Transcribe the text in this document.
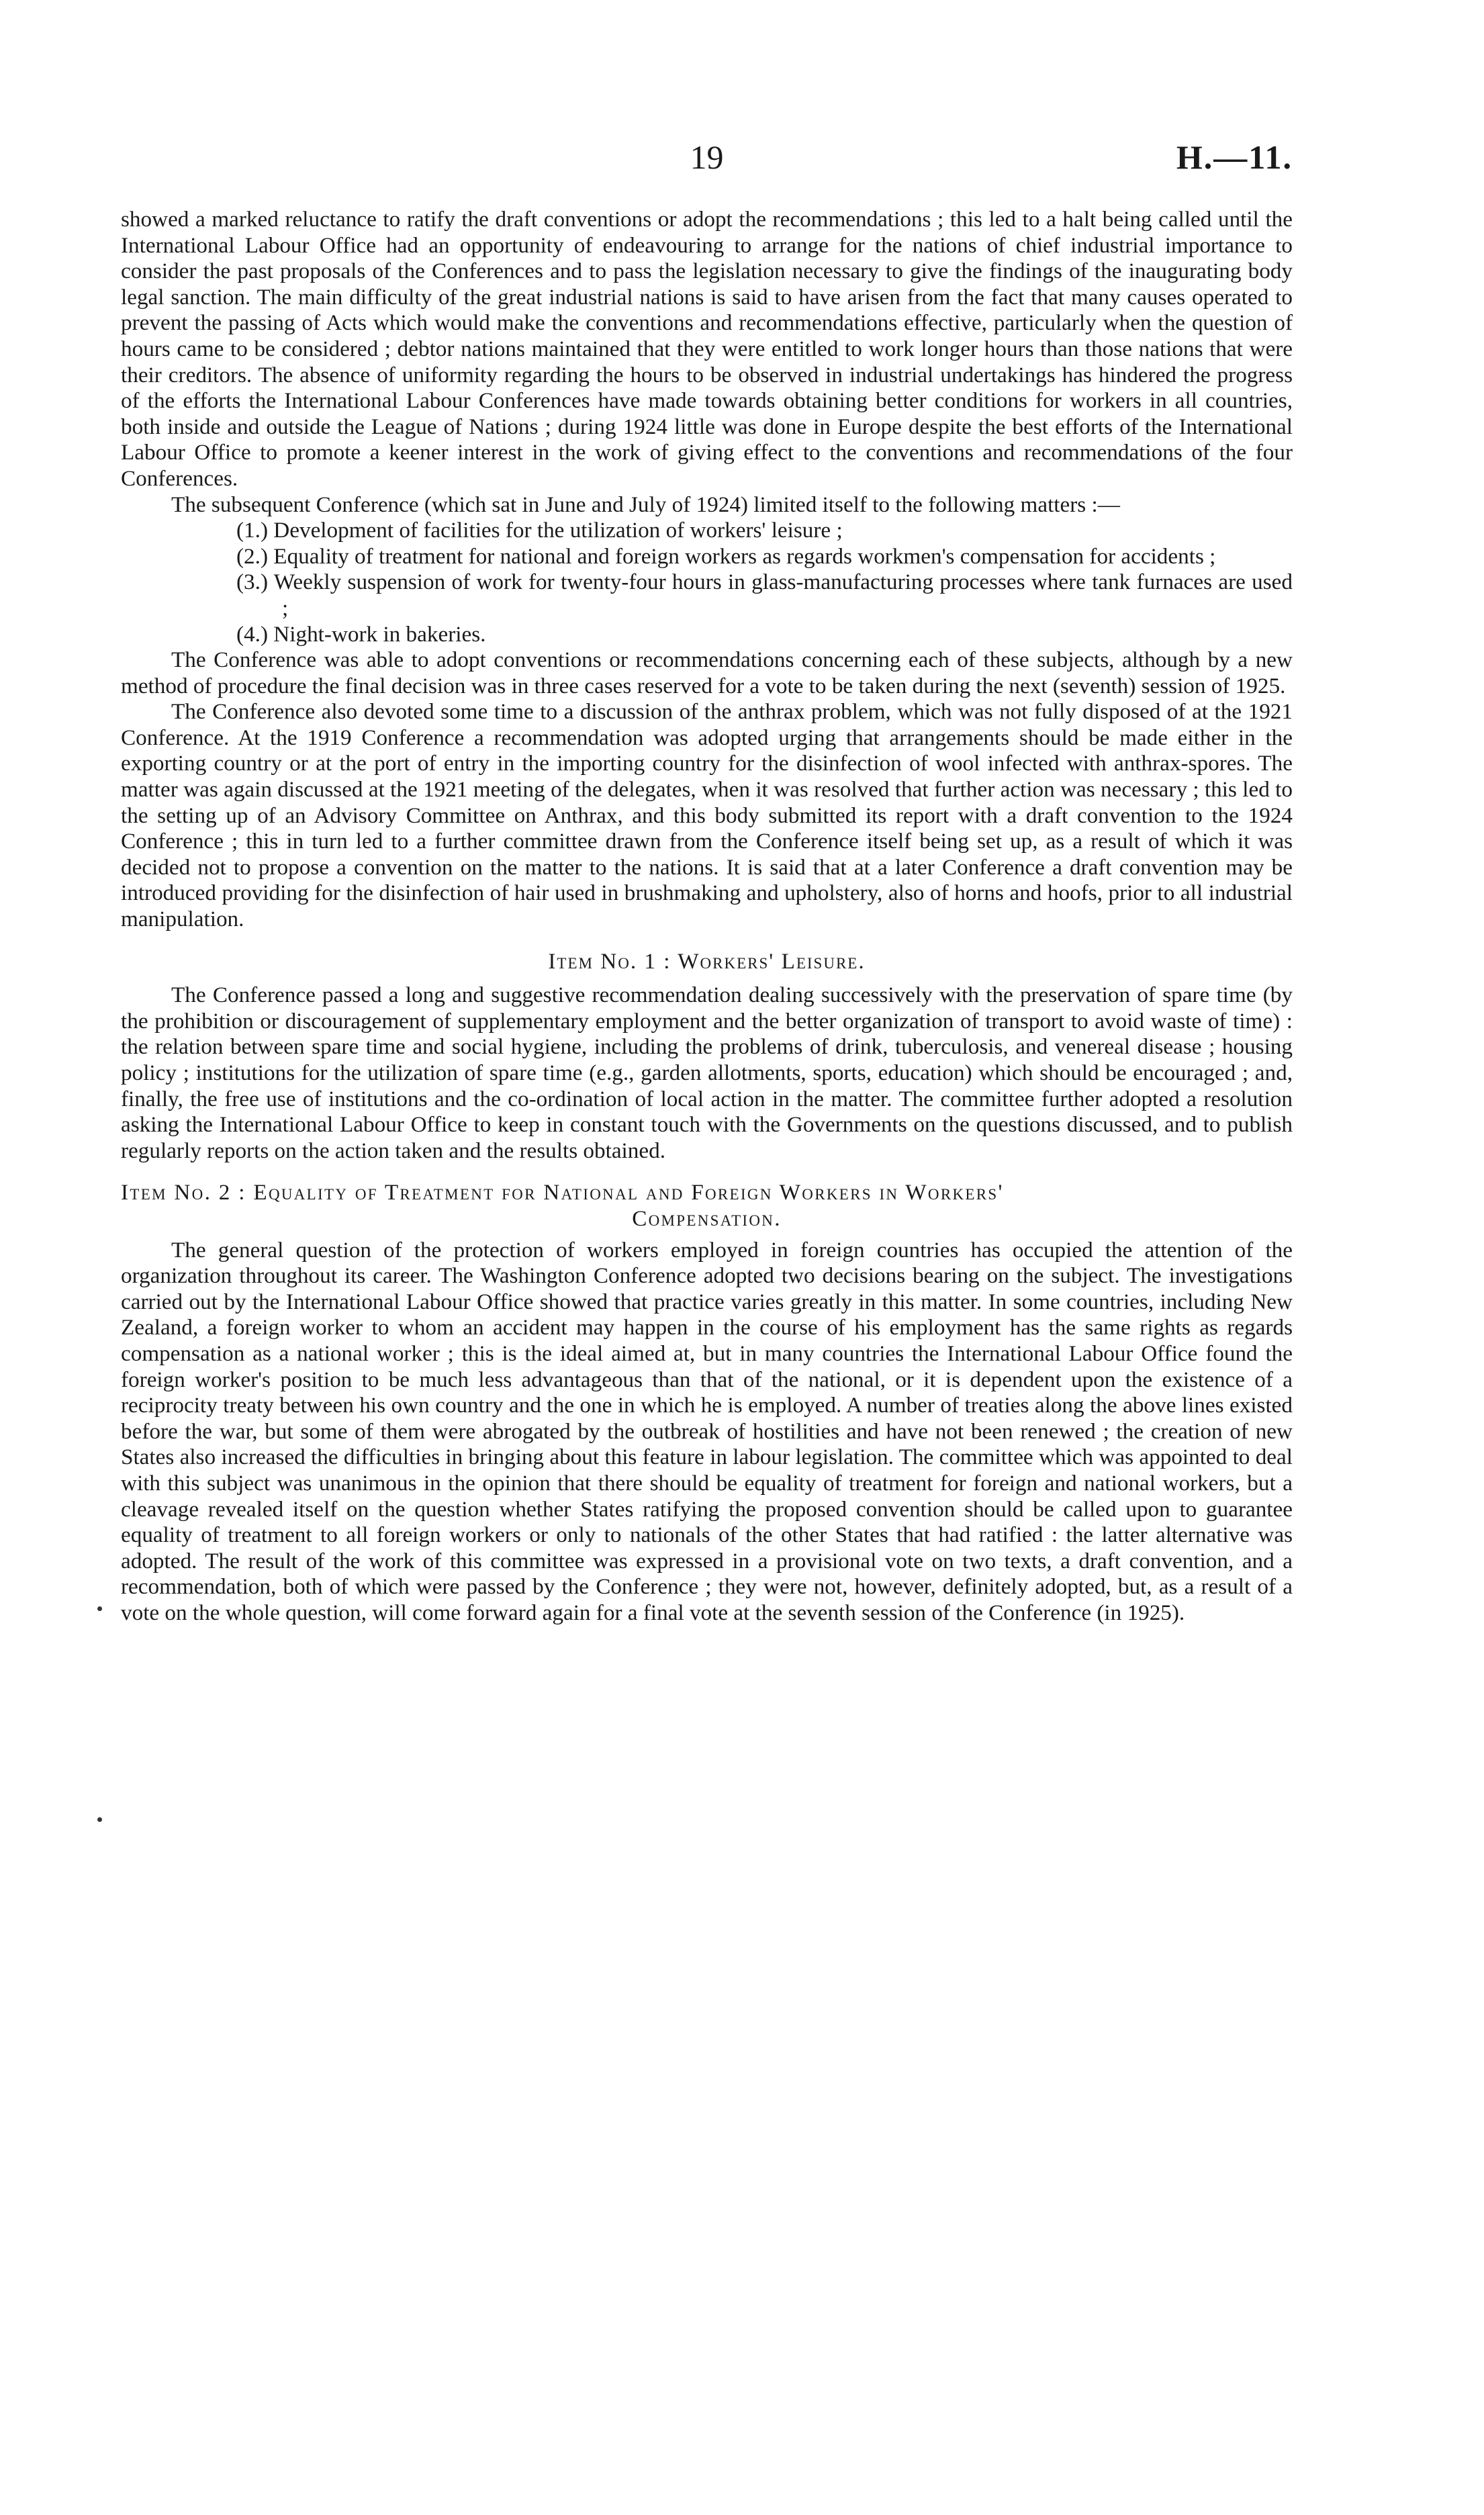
19	H.—11.

showed a marked reluctance to ratify the draft conventions or adopt the recommendations ; this led to a halt being called until the International Labour Office had an opportunity of endeavouring to arrange for the nations of chief industrial importance to consider the past proposals of the Conferences and to pass the legislation necessary to give the findings of the inaugurating body legal sanction. The main difficulty of the great industrial nations is said to have arisen from the fact that many causes operated to prevent the passing of Acts which would make the conventions and recommendations effective, particularly when the question of hours came to be considered ; debtor nations maintained that they were entitled to work longer hours than those nations that were their creditors. The absence of uniformity regarding the hours to be observed in industrial undertakings has hindered the progress of the efforts the International Labour Conferences have made towards obtaining better conditions for workers in all countries, both inside and outside the League of Nations ; during 1924 little was done in Europe despite the best efforts of the International Labour Office to promote a keener interest in the work of giving effect to the conventions and recommendations of the four Conferences.

The subsequent Conference (which sat in June and July of 1924) limited itself to the following matters :—

(1.) Development of facilities for the utilization of workers' leisure ;
(2.) Equality of treatment for national and foreign workers as regards workmen's compensation for accidents ;
(3.) Weekly suspension of work for twenty-four hours in glass-manufacturing processes where tank furnaces are used ;
(4.) Night-work in bakeries.

The Conference was able to adopt conventions or recommendations concerning each of these subjects, although by a new method of procedure the final decision was in three cases reserved for a vote to be taken during the next (seventh) session of 1925.

The Conference also devoted some time to a discussion of the anthrax problem, which was not fully disposed of at the 1921 Conference. At the 1919 Conference a recommendation was adopted urging that arrangements should be made either in the exporting country or at the port of entry in the importing country for the disinfection of wool infected with anthrax-spores. The matter was again discussed at the 1921 meeting of the delegates, when it was resolved that further action was necessary ; this led to the setting up of an Advisory Committee on Anthrax, and this body submitted its report with a draft convention to the 1924 Conference ; this in turn led to a further committee drawn from the Conference itself being set up, as a result of which it was decided not to propose a convention on the matter to the nations. It is said that at a later Conference a draft convention may be introduced providing for the disinfection of hair used in brushmaking and upholstery, also of horns and hoofs, prior to all industrial manipulation.

Item No. 1 : Workers' Leisure.

The Conference passed a long and suggestive recommendation dealing successively with the preservation of spare time (by the prohibition or discouragement of supplementary employment and the better organization of transport to avoid waste of time) : the relation between spare time and social hygiene, including the problems of drink, tuberculosis, and venereal disease ; housing policy ; institutions for the utilization of spare time (e.g., garden allotments, sports, education) which should be encouraged ; and, finally, the free use of institutions and the co-ordination of local action in the matter. The committee further adopted a resolution asking the International Labour Office to keep in constant touch with the Governments on the questions discussed, and to publish regularly reports on the action taken and the results obtained.

Item No. 2 : Equality of Treatment for National and Foreign Workers in Workers'
Compensation.

The general question of the protection of workers employed in foreign countries has occupied the attention of the organization throughout its career. The Washington Conference adopted two decisions bearing on the subject. The investigations carried out by the International Labour Office showed that practice varies greatly in this matter. In some countries, including New Zealand, a foreign worker to whom an accident may happen in the course of his employment has the same rights as regards compensation as a national worker ; this is the ideal aimed at, but in many countries the International Labour Office found the foreign worker's position to be much less advantageous than that of the national, or it is dependent upon the existence of a reciprocity treaty between his own country and the one in which he is employed. A number of treaties along the above lines existed before the war, but some of them were abrogated by the outbreak of hostilities and have not been renewed ; the creation of new States also increased the difficulties in bringing about this feature in labour legislation. The committee which was appointed to deal with this subject was unanimous in the opinion that there should be equality of treatment for foreign and national workers, but a cleavage revealed itself on the question whether States ratifying the proposed convention should be called upon to guarantee equality of treatment to all foreign workers or only to nationals of the other States that had ratified : the latter alternative was adopted. The result of the work of this committee was expressed in a provisional vote on two texts, a draft convention, and a recommendation, both of which were passed by the Conference ; they were not, however, definitely adopted, but, as a result of a vote on the whole question, will come forward again for a final vote at the seventh session of the Conference (in 1925).
